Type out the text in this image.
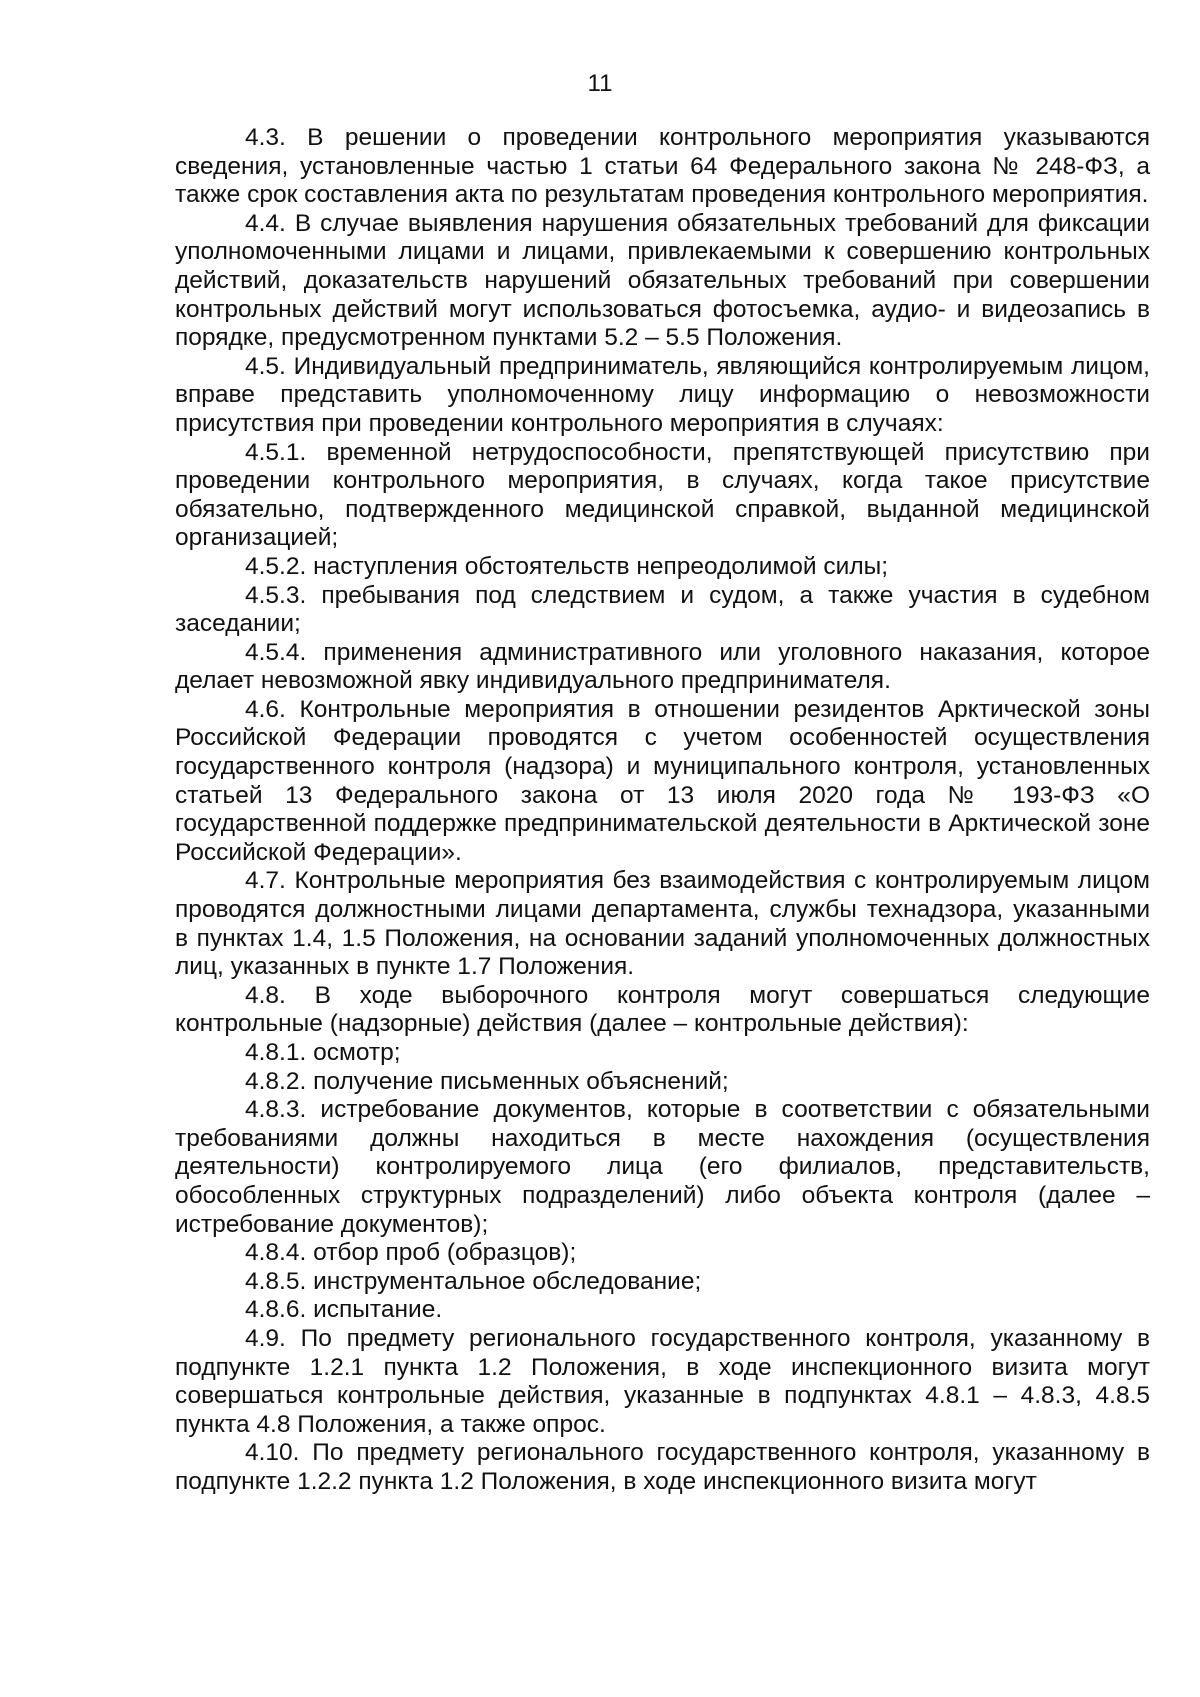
11

4.3. В решении о проведении контрольного мероприятия указываются сведения, установленные частью 1 статьи 64 Федерального закона № 248-ФЗ, а также срок составления акта по результатам проведения контрольного мероприятия.

4.4. В случае выявления нарушения обязательных требований для фиксации уполномоченными лицами и лицами, привлекаемыми к совершению контрольных действий, доказательств нарушений обязательных требований при совершении контрольных действий могут использоваться фотосъемка, аудио- и видеозапись в порядке, предусмотренном пунктами 5.2 – 5.5 Положения.

4.5. Индивидуальный предприниматель, являющийся контролируемым лицом, вправе представить уполномоченному лицу информацию о невозможности присутствия при проведении контрольного мероприятия в случаях:

4.5.1. временной нетрудоспособности, препятствующей присутствию при проведении контрольного мероприятия, в случаях, когда такое присутствие обязательно, подтвержденного медицинской справкой, выданной медицинской организацией;

4.5.2. наступления обстоятельств непреодолимой силы;

4.5.3. пребывания под следствием и судом, а также участия в судебном заседании;

4.5.4. применения административного или уголовного наказания, которое делает невозможной явку индивидуального предпринимателя.

4.6. Контрольные мероприятия в отношении резидентов Арктической зоны Российской Федерации проводятся с учетом особенностей осуществления государственного контроля (надзора) и муниципального контроля, установленных статьей 13 Федерального закона от 13 июля 2020 года № 193-ФЗ «О государственной поддержке предпринимательской деятельности в Арктической зоне Российской Федерации».

4.7. Контрольные мероприятия без взаимодействия с контролируемым лицом проводятся должностными лицами департамента, службы технадзора, указанными в пунктах 1.4, 1.5 Положения, на основании заданий уполномоченных должностных лиц, указанных в пункте 1.7 Положения.

4.8. В ходе выборочного контроля могут совершаться следующие контрольные (надзорные) действия (далее – контрольные действия):

4.8.1. осмотр;

4.8.2. получение письменных объяснений;

4.8.3. истребование документов, которые в соответствии с обязательными требованиями должны находиться в месте нахождения (осуществления деятельности) контролируемого лица (его филиалов, представительств, обособленных структурных подразделений) либо объекта контроля (далее – истребование документов);

4.8.4. отбор проб (образцов);

4.8.5. инструментальное обследование;

4.8.6. испытание.

4.9. По предмету регионального государственного контроля, указанному в подпункте 1.2.1 пункта 1.2 Положения, в ходе инспекционного визита могут совершаться контрольные действия, указанные в подпунктах 4.8.1 – 4.8.3, 4.8.5 пункта 4.8 Положения, а также опрос.

4.10. По предмету регионального государственного контроля, указанному в подпункте 1.2.2 пункта 1.2 Положения, в ходе инспекционного визита могут
